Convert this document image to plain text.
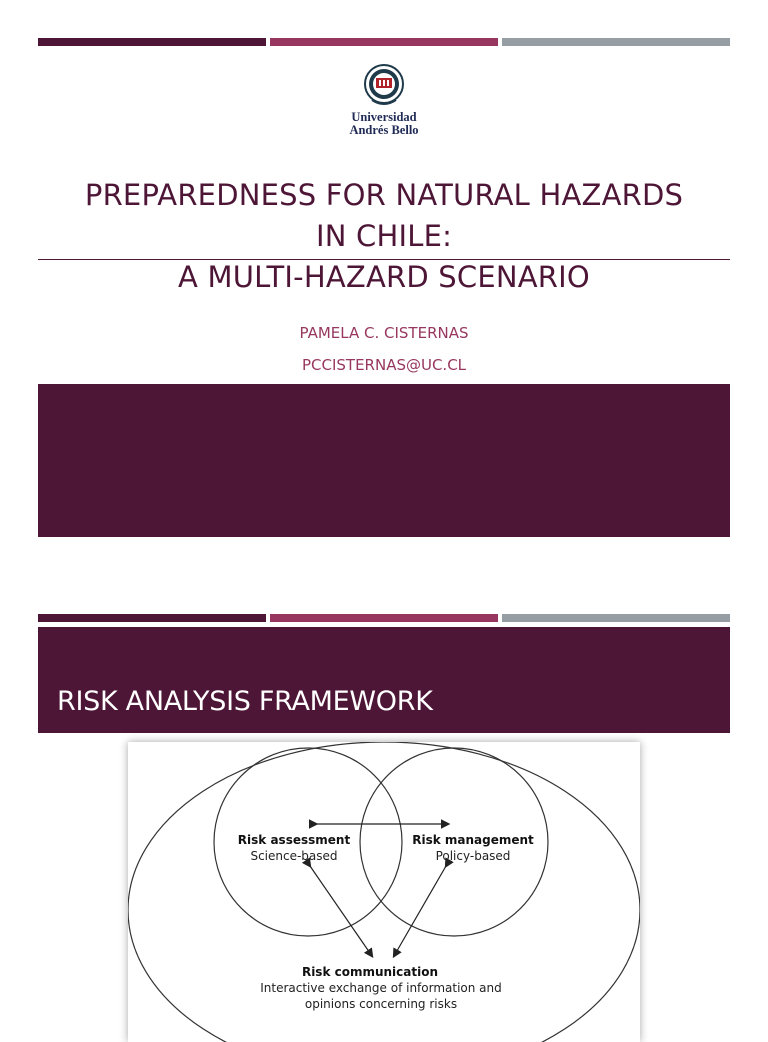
Universidad
Andrés Bello
PREPAREDNESS FOR NATURAL HAZARDS
IN CHILE:
A MULTI-HAZARD SCENARIO
PAMELA C. CISTERNAS
PCCISTERNAS@UC.CL
RISK ANALYSIS FRAMEWORK
Risk assessment
Science-based
Risk management
Policy-based
Risk communication
Interactive exchange of information and
opinions concerning risks
